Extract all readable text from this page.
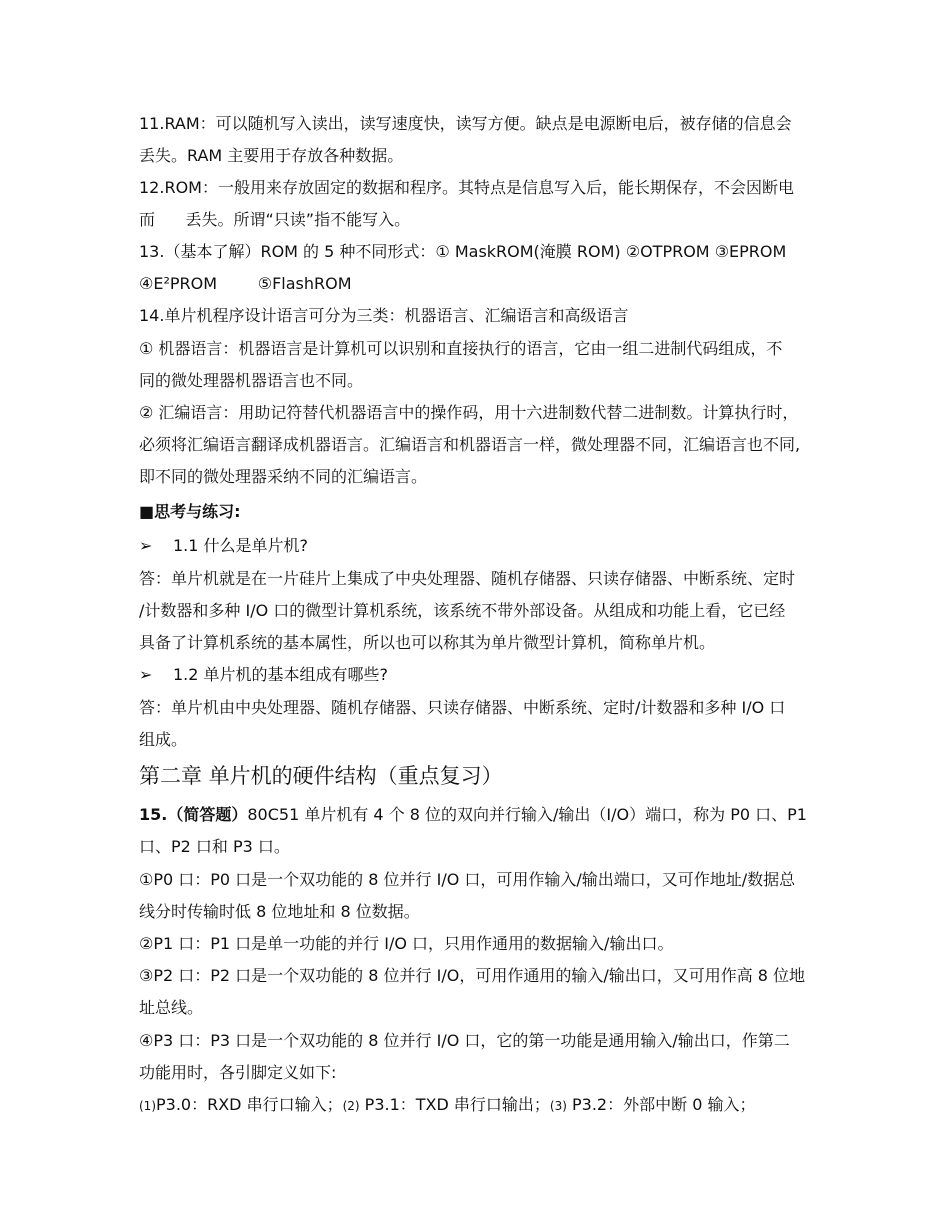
11.RAM：可以随机写入读出，读写速度快，读写方便。缺点是电源断电后，被存储的信息会
丢失。RAM 主要用于存放各种数据。
12.ROM：一般用来存放固定的数据和程序。其特点是信息写入后，能长期保存，不会因断电
而      丢失。所谓“只读”指不能写入。
13.（基本了解）ROM 的 5 种不同形式：① MaskROM(淹膜 ROM) ②OTPROM ③EPROM
④E²PROM        ⑤FlashROM
14.单片机程序设计语言可分为三类：机器语言、汇编语言和高级语言
① 机器语言：机器语言是计算机可以识别和直接执行的语言，它由一组二进制代码组成，不
同的微处理器机器语言也不同。
② 汇编语言：用助记符替代机器语言中的操作码，用十六进制数代替二进制数。计算执行时，
必须将汇编语言翻译成机器语言。汇编语言和机器语言一样，微处理器不同，汇编语言也不同,
即不同的微处理器采纳不同的汇编语言。
■思考与练习:
➢ 1.1 什么是单片机?
答：单片机就是在一片硅片上集成了中央处理器、随机存储器、只读存储器、中断系统、定时
/计数器和多种 I/O 口的微型计算机系统，该系统不带外部设备。从组成和功能上看，它已经
具备了计算机系统的基本属性，所以也可以称其为单片微型计算机，简称单片机。
➢ 1.2 单片机的基本组成有哪些?
答：单片机由中央处理器、随机存储器、只读存储器、中断系统、定时/计数器和多种 I/O 口
组成。
第二章 单片机的硬件结构（重点复习）
15.（简答题）80C51 单片机有 4 个 8 位的双向并行输入/输出（I/O）端口，称为 P0 口、P1
口、P2 口和 P3 口。
①P0 口：P0 口是一个双功能的 8 位并行 I/O 口，可用作输入/输出端口，又可作地址/数据总
线分时传输时低 8 位地址和 8 位数据。
②P1 口：P1 口是单一功能的并行 I/O 口，只用作通用的数据输入/输出口。
③P2 口：P2 口是一个双功能的 8 位并行 I/O，可用作通用的输入/输出口，又可用作高 8 位地
址总线。
④P3 口：P3 口是一个双功能的 8 位并行 I/O 口，它的第一功能是通用输入/输出口，作第二
功能用时，各引脚定义如下:
(1)P3.0：RXD 串行口输入；(2) P3.1：TXD 串行口输出；(3) P3.2：外部中断 0 输入；
